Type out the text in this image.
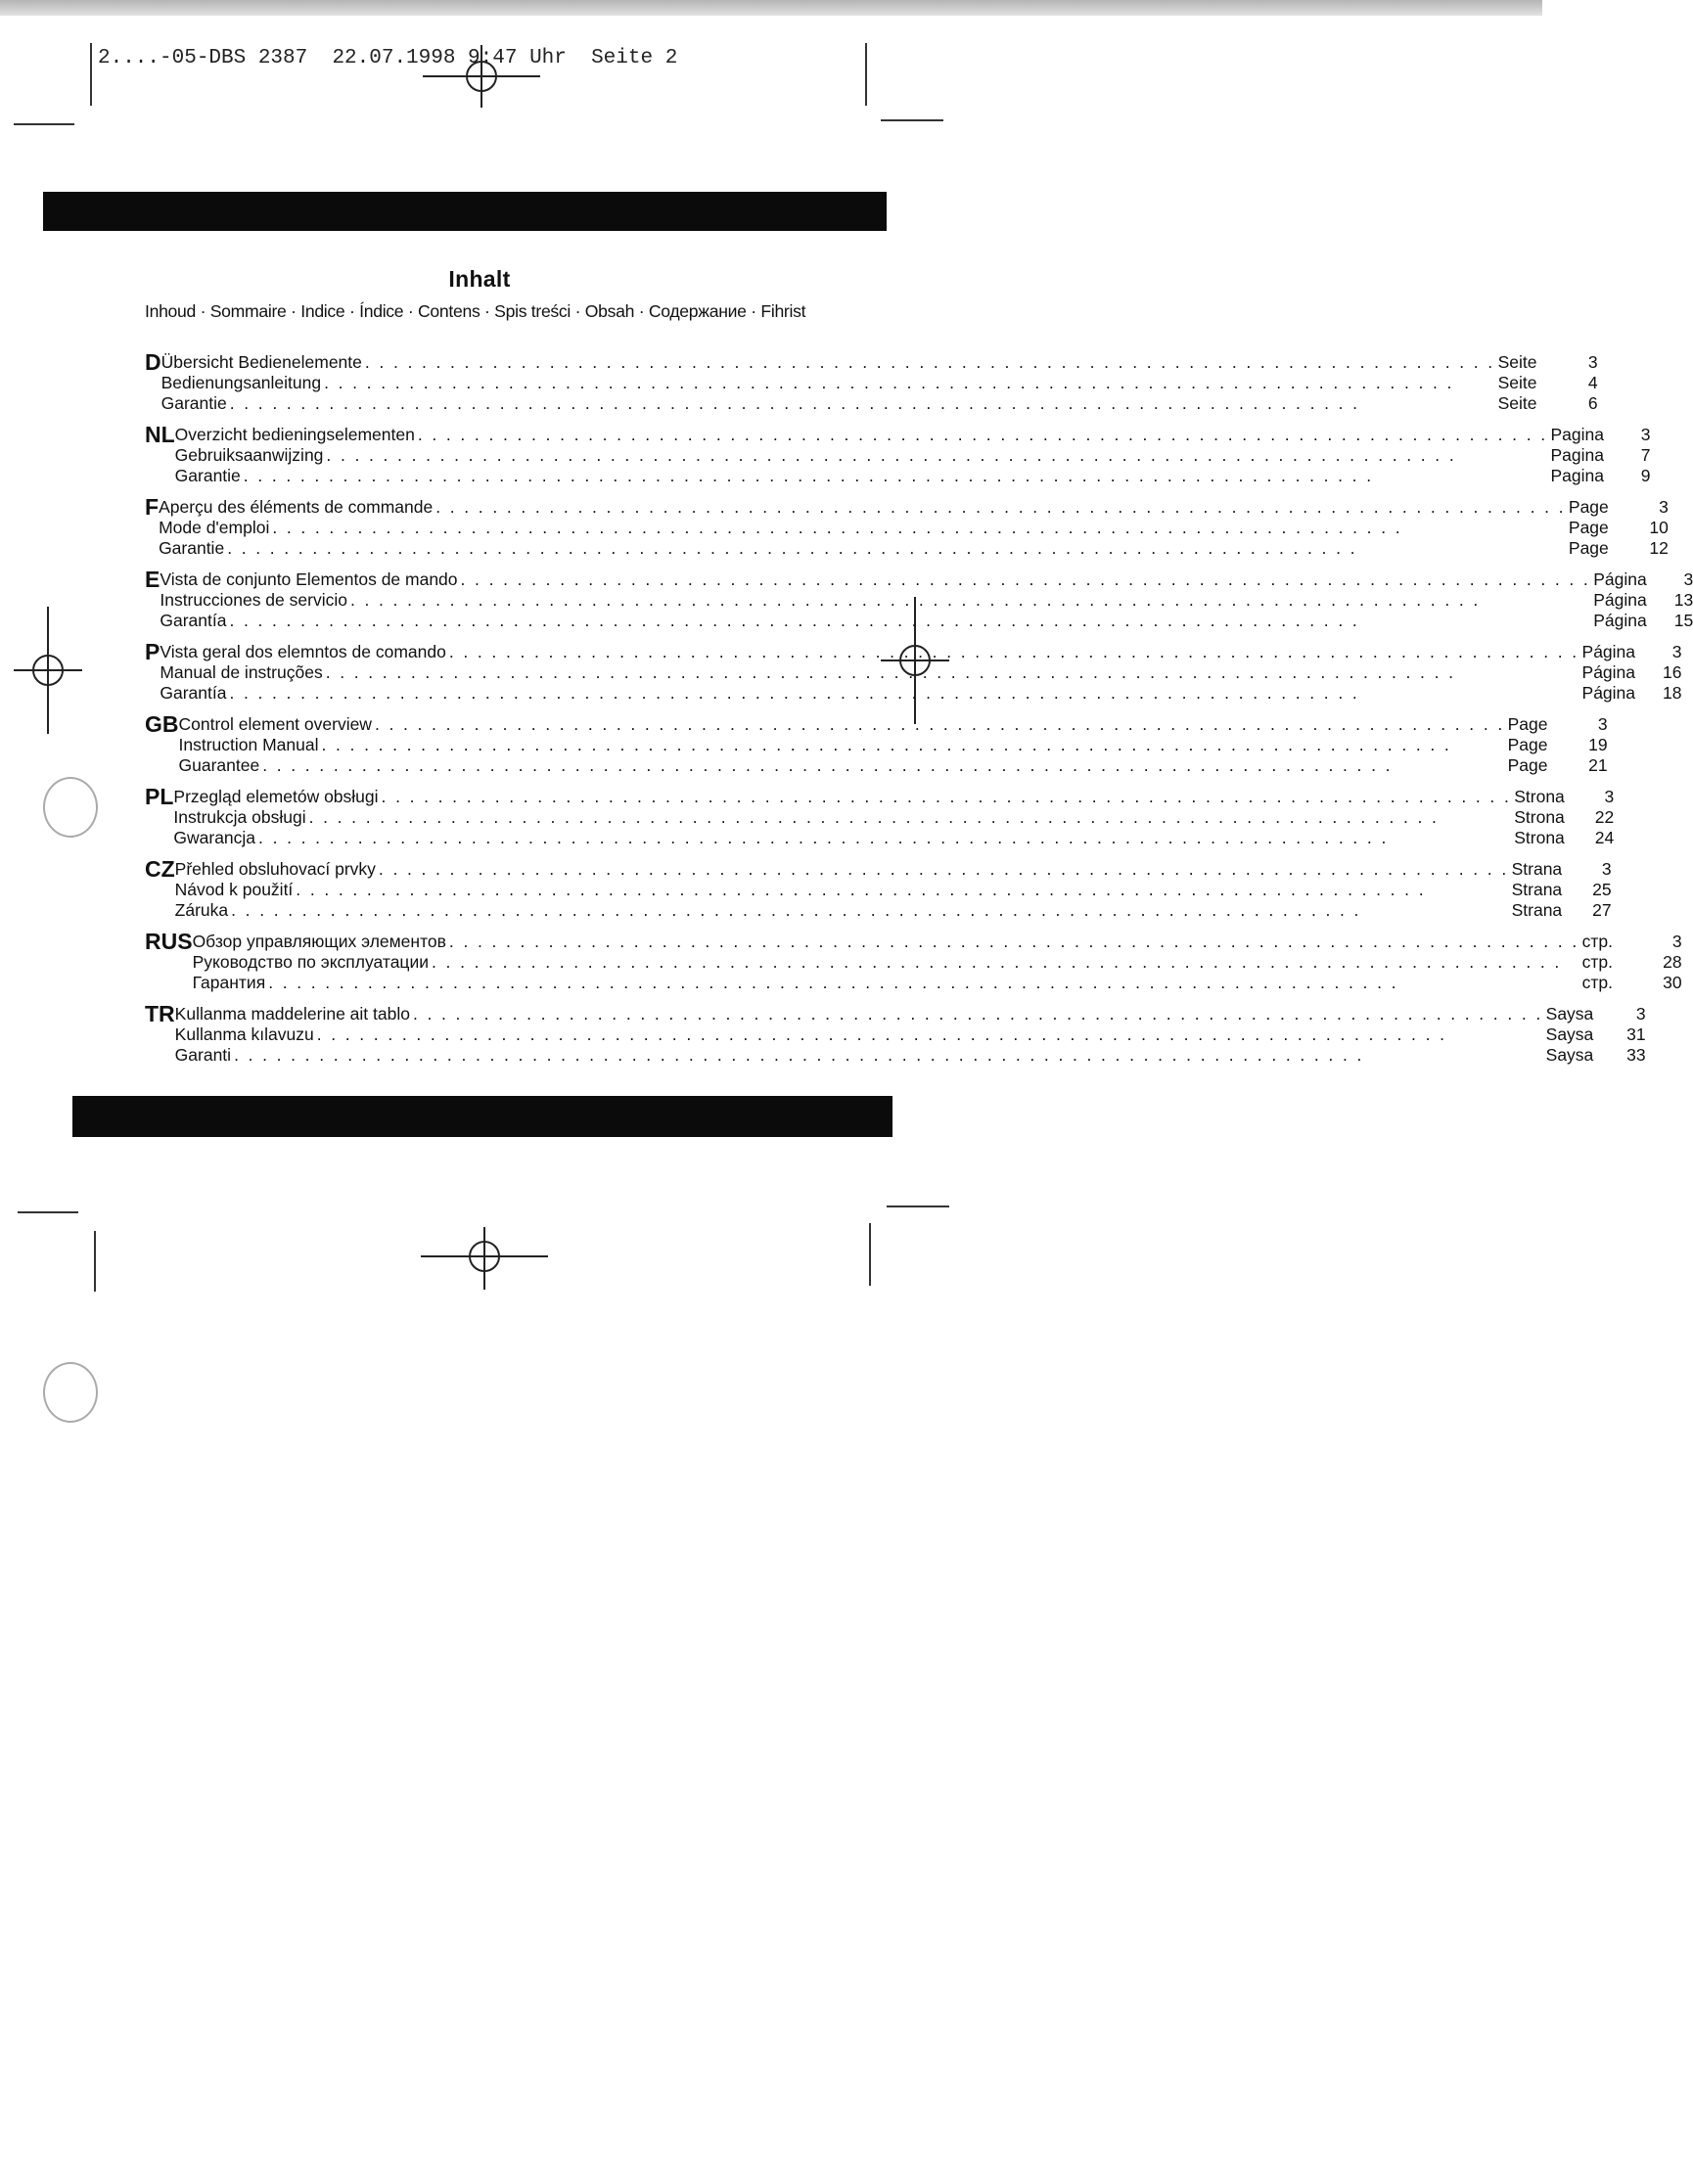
2....-05-DBS 2387  22.07.1998 9:47 Uhr  Seite 2
Inhalt
Inhoud · Sommaire · Indice · Índice · Contens · Spis treści · Obsah · Содержание · Fihrist
D Übersicht Bedienelemente . . . . . . . . . . . . . . . . . . . . . . . . . . . . . . . . . . . . . . . . . . . . . . . . . . . . . . . . . . . . . . . . . . . . . . . . . . . . . . . . Seite	3
Bedienungsanleitung . . . . . . . . . . . . . . . . . . . . . . . . . . . . . . . . . . . . . . . . . . . . . . . . . . . . . . . . . . . . . . . . . . . . . . . . . . . . . . . .	Seite	4
Garantie . . . . . . . . . . . . . . . . . . . . . . . . . . . . . . . . . . . . . . . . . . . . . . . . . . . . . . . . . . . . . . . . . . . . . . . . . . . . . . . .	Seite	6
NL Overzicht bedieningselementen . . . . . . . . . . . . . . . . . . . . . . . . . . . . . . . . . . . . . . . . . . . . . . . . . . . . . . . . . . . . . . . . . . . . . . . . . . . . . . . . Pagina	3
Gebruiksaanwijzing . . . . . . . . . . . . . . . . . . . . . . . . . . . . . . . . . . . . . . . . . . . . . . . . . . . . . . . . . . . . . . . . . . . . . . . . . . . . . . . .	Pagina	7
Garantie . . . . . . . . . . . . . . . . . . . . . . . . . . . . . . . . . . . . . . . . . . . . . . . . . . . . . . . . . . . . . . . . . . . . . . . . . . . . . . . .	Pagina	9
F Aperçu des éléments de commande . . . . . . . . . . . . . . . . . . . . . . . . . . . . . . . . . . . . . . . . . . . . . . . . . . . . . . . . . . . . . . . . . . . . . . . . . . . . . . . . Page	3
Mode d'emploi . . . . . . . . . . . . . . . . . . . . . . . . . . . . . . . . . . . . . . . . . . . . . . . . . . . . . . . . . . . . . . . . . . . . . . . . . . . . . . . .	Page	10
Garantie . . . . . . . . . . . . . . . . . . . . . . . . . . . . . . . . . . . . . . . . . . . . . . . . . . . . . . . . . . . . . . . . . . . . . . . . . . . . . . . .	Page	12
E Vista de conjunto Elementos de mando . . . . . . . . . . . . . . . . . . . . . . . . . . . . . . . . . . . . . . . . . . . . . . . . . . . . . . . . . . . . . . . . . . . . . . . . . . . . . . . . Página	3
Instrucciones de servicio . . . . . . . . . . . . . . . . . . . . . . . . . . . . . . . . . . . . . . . . . . . . . . . . . . . . . . . . . . . . . . . . . . . . . . . . . . . . . . . .	Página	13
Garantía . . . . . . . . . . . . . . . . . . . . . . . . . . . . . . . . . . . . . . . . . . . . . . . . . . . . . . . . . . . . . . . . . . . . . . . . . . . . . . . .	Página	15
P Vista geral dos elemntos de comando . . . . . . . . . . . . . . . . . . . . . . . . . . . . . . . . . . . . . . . . . . . . . . . . . . . . . . . . . . . . . . . . . . . . . . . . . . . . . . . . Página	3
Manual de instruções . . . . . . . . . . . . . . . . . . . . . . . . . . . . . . . . . . . . . . . . . . . . . . . . . . . . . . . . . . . . . . . . . . . . . . . . . . . . . . . .	Página	16
Garantía . . . . . . . . . . . . . . . . . . . . . . . . . . . . . . . . . . . . . . . . . . . . . . . . . . . . . . . . . . . . . . . . . . . . . . . . . . . . . . . .	Página	18
GB Control element overview . . . . . . . . . . . . . . . . . . . . . . . . . . . . . . . . . . . . . . . . . . . . . . . . . . . . . . . . . . . . . . . . . . . . . . . . . . . . . . . . Page	3
Instruction Manual . . . . . . . . . . . . . . . . . . . . . . . . . . . . . . . . . . . . . . . . . . . . . . . . . . . . . . . . . . . . . . . . . . . . . . . . . . . . . . . .	Page	19
Guarantee . . . . . . . . . . . . . . . . . . . . . . . . . . . . . . . . . . . . . . . . . . . . . . . . . . . . . . . . . . . . . . . . . . . . . . . . . . . . . . . .	Page	21
PL Przegląd elemetów obsługi . . . . . . . . . . . . . . . . . . . . . . . . . . . . . . . . . . . . . . . . . . . . . . . . . . . . . . . . . . . . . . . . . . . . . . . . . . . . . . . . Strona	3
Instrukcja obsługi . . . . . . . . . . . . . . . . . . . . . . . . . . . . . . . . . . . . . . . . . . . . . . . . . . . . . . . . . . . . . . . . . . . . . . . . . . . . . . . .	Strona	22
Gwarancja . . . . . . . . . . . . . . . . . . . . . . . . . . . . . . . . . . . . . . . . . . . . . . . . . . . . . . . . . . . . . . . . . . . . . . . . . . . . . . . .	Strona	24
CZ Přehled obsluhovací prvky . . . . . . . . . . . . . . . . . . . . . . . . . . . . . . . . . . . . . . . . . . . . . . . . . . . . . . . . . . . . . . . . . . . . . . . . . . . . . . . . Strana	3
Návod k použití . . . . . . . . . . . . . . . . . . . . . . . . . . . . . . . . . . . . . . . . . . . . . . . . . . . . . . . . . . . . . . . . . . . . . . . . . . . . . . . .	Strana	25
Záruka . . . . . . . . . . . . . . . . . . . . . . . . . . . . . . . . . . . . . . . . . . . . . . . . . . . . . . . . . . . . . . . . . . . . . . . . . . . . . . . .	Strana	27
RUS Обзор управляющих элементов . . . . . . . . . . . . . . . . . . . . . . . . . . . . . . . . . . . . . . . . . . . . . . . . . . . . . . . . . . . . . . . . . . . . . . . . . . . . . . . . стр.	3
Руководство по эксплуатации . . . . . . . . . . . . . . . . . . . . . . . . . . . . . . . . . . . . . . . . . . . . . . . . . . . . . . . . . . . . . . . . . . . . . . . . . . . . . . . .	стр.	28
Гарантия . . . . . . . . . . . . . . . . . . . . . . . . . . . . . . . . . . . . . . . . . . . . . . . . . . . . . . . . . . . . . . . . . . . . . . . . . . . . . . . .	стр.	30
TR Kullanma maddelerine ait tablo . . . . . . . . . . . . . . . . . . . . . . . . . . . . . . . . . . . . . . . . . . . . . . . . . . . . . . . . . . . . . . . . . . . . . . . . . . . . . . . . Saysa	3
Kullanma kılavuzu . . . . . . . . . . . . . . . . . . . . . . . . . . . . . . . . . . . . . . . . . . . . . . . . . . . . . . . . . . . . . . . . . . . . . . . . . . . . . . . .	Saysa	31
Garanti . . . . . . . . . . . . . . . . . . . . . . . . . . . . . . . . . . . . . . . . . . . . . . . . . . . . . . . . . . . . . . . . . . . . . . . . . . . . . . . .	Saysa	33
